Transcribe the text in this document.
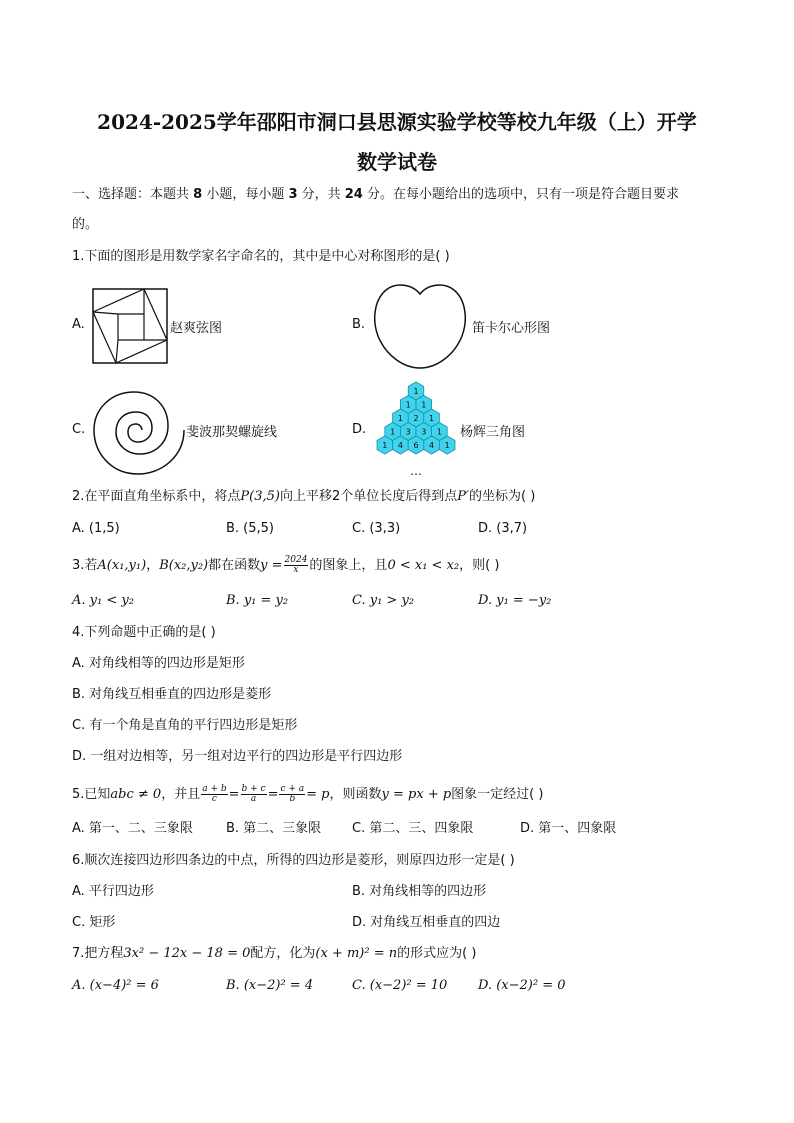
2024-2025学年邵阳市洞口县思源实验学校等校九年级（上）开学
数学试卷
一、选择题：本题共 8 小题，每小题 3 分，共 24 分。在每小题给出的选项中，只有一项是符合题目要求
的。
1.下面的图形是用数学家名字命名的，其中是中心对称图形的是( )
A.	赵爽弦图	B.	笛卡尔心形图
C.	斐波那契螺旋线	D.
1
1 1
1 2 1
1 3 3 1
1 4 6 4 1
…
杨辉三角图
2.在平面直角坐标系中，将点P(3,5)向上平移2个单位长度后得到点P′的坐标为( )
A. (1,5)	B. (5,5)	C. (3,3)	D. (3,7)
3.若A(x₁,y₁)，B(x₂,y₂)都在函数$y = \frac{2024}{x}$ 的图象上，且0 < x₁ < x₂，则( )
A. y₁ < y₂	B. y₁ = y₂	C. y₁ > y₂	D. y₁ = −y₂
4.下列命题中正确的是( )
A. 对角线相等的四边形是矩形
B. 对角线互相垂直的四边形是菱形
C. 有一个角是直角的平行四边形是矩形
D. 一组对边相等，另一组对边平行的四边形是平行四边形
5.已知abc ≠ 0，并且 $\frac{a + b}{c} = \frac{b + c}{a} = \frac{c + a}{b} = p$，则函数y = px + p图象一定经过( )
A. 第一、二、三象限	B. 第二、三象限 C. 第二、三、四象限	D. 第一、四象限
6.顺次连接四边形四条边的中点，所得的四边形是菱形，则原四边形一定是( )
A. 平行四边形	B. 对角线相等的四边形
C. 矩形	D. 对角线互相垂直的四边
7.把方程3x² − 12x − 18 = 0配方，化为(x + m)² = n的形式应为( )
A. (x−4)² = 6	B. (x−2)² = 4	C. (x−2)² = 10 D. (x−2)² = 0
